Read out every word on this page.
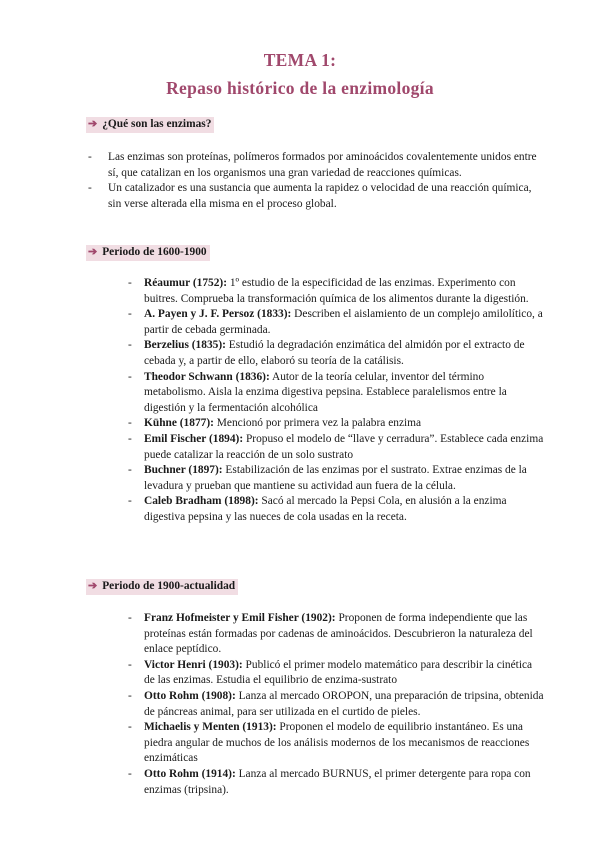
TEMA 1:
Repaso histórico de la enzimología
➔ ¿Qué son las enzimas?
-	Las enzimas son proteínas, polímeros formados por aminoácidos covalentemente unidos entre sí, que catalizan en los organismos una gran variedad de reacciones químicas.
-	Un catalizador es una sustancia que aumenta la rapidez o velocidad de una reacción química, sin verse alterada ella misma en el proceso global.
➔ Periodo de 1600-1900
-	Réaumur (1752): 1º estudio de la especificidad de las enzimas. Experimento con buitres. Comprueba la transformación química de los alimentos durante la digestión.
-	A. Payen y J. F. Persoz (1833): Describen el aislamiento de un complejo amilolítico, a partir de cebada germinada.
-	Berzelius (1835): Estudió la degradación enzimática del almidón por el extracto de cebada y, a partir de ello, elaboró su teoría de la catálisis.
-	Theodor Schwann (1836): Autor de la teoría celular, inventor del término metabolismo. Aisla la enzima digestiva pepsina. Establece paralelismos entre la digestión y la fermentación alcohólica
-	Kühne (1877): Mencionó por primera vez la palabra enzima
-	Emil Fischer (1894): Propuso el modelo de “llave y cerradura”. Establece cada enzima puede catalizar la reacción de un solo sustrato
-	Buchner (1897): Estabilización de las enzimas por el sustrato. Extrae enzimas de la levadura y prueban que mantiene su actividad aun fuera de la célula.
-	Caleb Bradham (1898): Sacó al mercado la Pepsi Cola, en alusión a la enzima digestiva pepsina y las nueces de cola usadas en la receta.
➔ Periodo de 1900-actualidad
-	Franz Hofmeister y Emil Fisher (1902): Proponen de forma independiente que las proteínas están formadas por cadenas de aminoácidos. Descubrieron la naturaleza del enlace peptídico.
-	Victor Henri (1903): Publicó el primer modelo matemático para describir la cinética de las enzimas. Estudia el equilibrio de enzima-sustrato
-	Otto Rohm (1908): Lanza al mercado OROPON, una preparación de tripsina, obtenida de páncreas animal, para ser utilizada en el curtido de pieles.
-	Michaelis y Menten (1913): Proponen el modelo de equilibrio instantáneo. Es una piedra angular de muchos de los análisis modernos de los mecanismos de reacciones enzimáticas
-	Otto Rohm (1914): Lanza al mercado BURNUS, el primer detergente para ropa con enzimas (tripsina).
